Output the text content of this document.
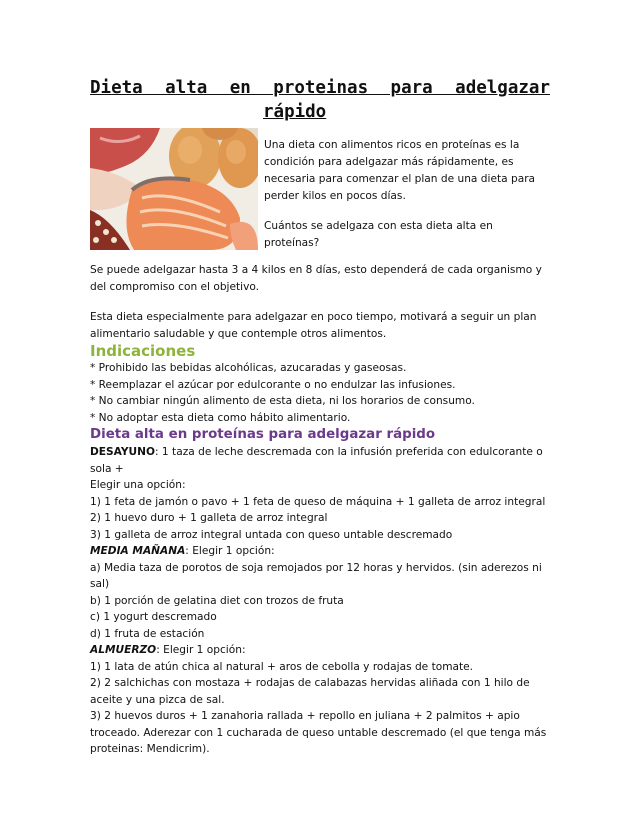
Dieta alta en proteinas para adelgazar
rápido

Una dieta con alimentos ricos en proteínas es la condición para adelgazar más rápidamente, es necesaria para comenzar el plan de una dieta para perder kilos en pocos días.

Cuántos se adelgaza con esta dieta alta en proteínas?

Se puede adelgazar hasta 3 a 4 kilos en 8 días, esto dependerá de cada organismo y del compromiso con el objetivo.

Esta dieta especialmente para adelgazar en poco tiempo, motivará a seguir un plan alimentario saludable y que contemple otros alimentos.

Indicaciones

* Prohibido las bebidas alcohólicas, azucaradas y gaseosas.

* Reemplazar el azúcar por edulcorante o no endulzar las infusiones.

* No cambiar ningún alimento de esta dieta, ni los horarios de consumo.

* No adoptar esta dieta como hábito alimentario.

Dieta alta en proteínas para adelgazar rápido

DESAYUNO: 1 taza de leche descremada con la infusión preferida con edulcorante o sola +

Elegir una opción:

1) 1 feta de jamón o pavo + 1 feta de queso de máquina + 1 galleta de arroz integral

2) 1 huevo duro + 1 galleta de arroz integral

3) 1 galleta de arroz integral untada con queso untable descremado

MEDIA MAÑANA: Elegir 1 opción:

a) Media taza de porotos de soja remojados por 12 horas y hervidos. (sin aderezos ni sal)

b) 1 porción de gelatina diet con trozos de fruta

c) 1 yogurt descremado

d) 1 fruta de estación

ALMUERZO: Elegir 1 opción:

1) 1 lata de atún chica al natural + aros de cebolla y rodajas de tomate.

2) 2 salchichas con mostaza + rodajas de calabazas hervidas aliñada con 1 hilo de aceite y una pizca de sal.

3) 2 huevos duros + 1 zanahoria rallada + repollo en juliana + 2 palmitos + apio troceado. Aderezar con 1 cucharada de queso untable descremado (el que tenga más proteinas: Mendicrim).
